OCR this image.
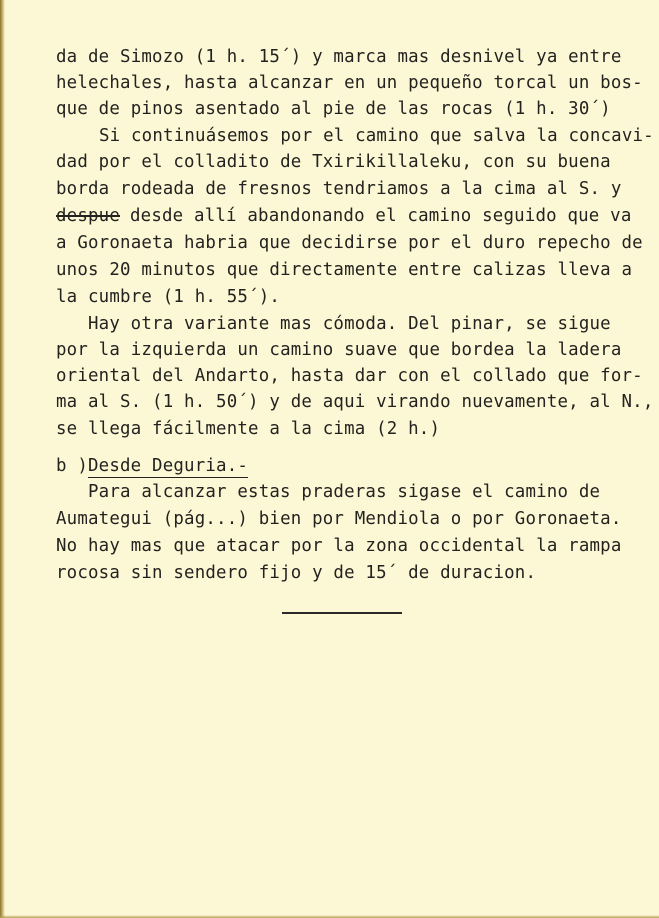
da de Simozo (1 h. 15´) y marca mas desnivel ya entre
helechales, hasta alcanzar en un pequeño torcal un bos-
que de pinos asentado al pie de las rocas (1 h. 30´)
Si continuásemos por el camino que salva la concavi-
dad por el colladito de Txirikillaleku, con su buena
borda rodeada de fresnos tendriamos a la cima al S. y
despue desde allí abandonando el camino seguido que va
a Goronaeta habria que decidirse por el duro repecho de
unos 20 minutos que directamente entre calizas lleva a
la cumbre (1 h. 55´).
Hay otra variante mas cómoda. Del pinar, se sigue
por la izquierda un camino suave que bordea la ladera
oriental del Andarto, hasta dar con el collado que for-
ma al S. (1 h. 50´) y de aqui virando nuevamente, al N.,
se llega fácilmente a la cima (2 h.)
b ) Desde Deguria.-
Para alcanzar estas praderas sigase el camino de
Aumategui (pág...) bien por Mendiola o por Goronaeta.
No hay mas que atacar por la zona occidental la rampa
rocosa sin sendero fijo y de 15´ de duracion.
